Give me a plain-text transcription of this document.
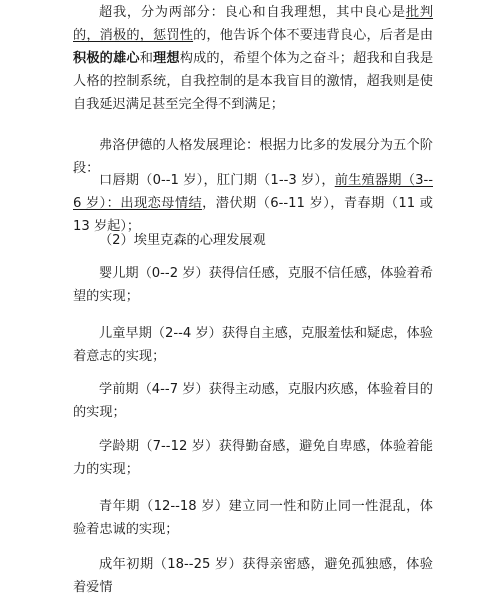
超我，分为两部分：良心和自我理想，其中良心是批判的，消极的，惩罚性的，他告诉个体不要违背良心，后者是由积极的雄心和理想构成的，希望个体为之奋斗；超我和自我是人格的控制系统，自我控制的是本我盲目的激情，超我则是使自我延迟满足甚至完全得不到满足；

弗洛伊德的人格发展理论：根据力比多的发展分为五个阶段：

口唇期（0--1 岁），肛门期（1--3 岁），前生殖器期（3--6 岁）：出现恋母情结，潜伏期（6--11 岁），青春期（11 或 13 岁起）；

（2）埃里克森的心理发展观

婴儿期（0--2 岁）获得信任感，克服不信任感，体验着希望的实现；

儿童早期（2--4 岁）获得自主感，克服羞怯和疑虑，体验着意志的实现；

学前期（4--7 岁）获得主动感，克服内疚感，体验着目的的实现；

学龄期（7--12 岁）获得勤奋感，避免自卑感，体验着能力的实现；

青年期（12--18 岁）建立同一性和防止同一性混乱，体验着忠诚的实现；

成年初期（18--25 岁）获得亲密感，避免孤独感，体验着爱情
